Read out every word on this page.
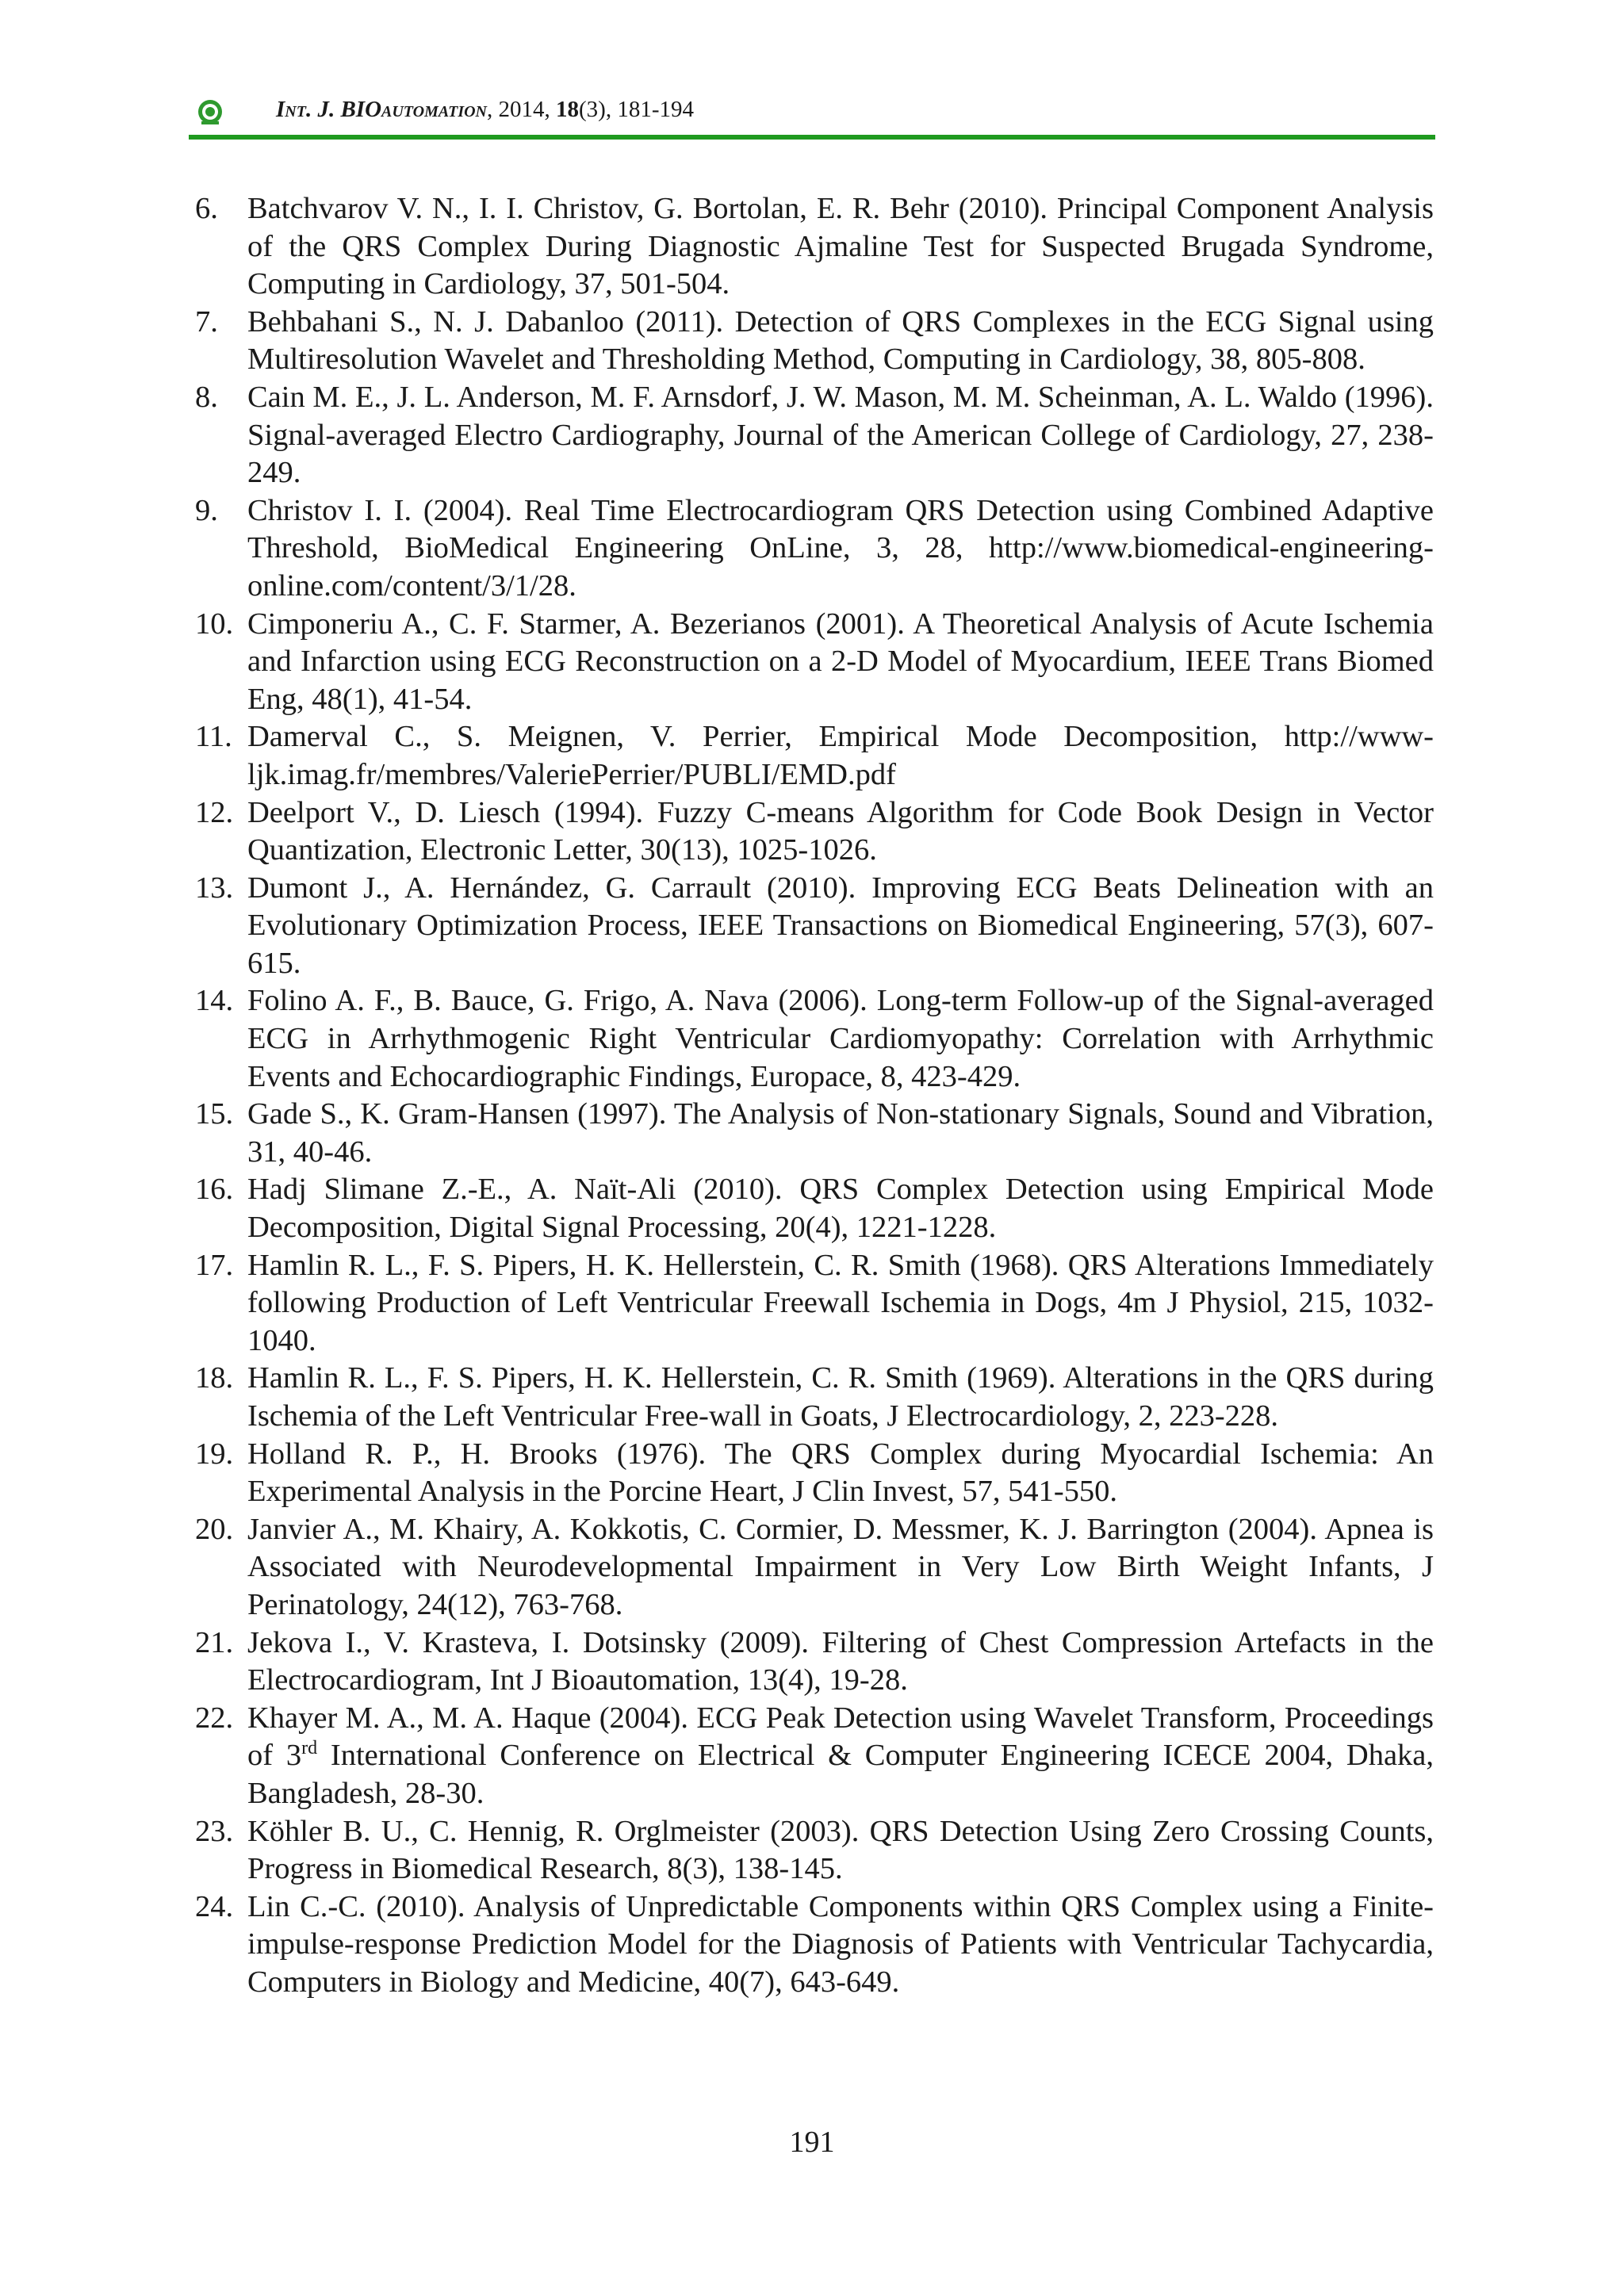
Int. J. BIOautomation, 2014, 18(3), 181-194
6. Batchvarov V. N., I. I. Christov, G. Bortolan, E. R. Behr (2010). Principal Component Analysis of the QRS Complex During Diagnostic Ajmaline Test for Suspected Brugada Syndrome, Computing in Cardiology, 37, 501-504.
7. Behbahani S., N. J. Dabanloo (2011). Detection of QRS Complexes in the ECG Signal using Multiresolution Wavelet and Thresholding Method, Computing in Cardiology, 38, 805-808.
8. Cain M. E., J. L. Anderson, M. F. Arnsdorf, J. W. Mason, M. M. Scheinman, A. L. Waldo (1996). Signal-averaged Electro Cardiography, Journal of the American College of Cardiology, 27, 238-249.
9. Christov I. I. (2004). Real Time Electrocardiogram QRS Detection using Combined Adaptive Threshold, BioMedical Engineering OnLine, 3, 28, http://www.biomedical-engineering-online.com/content/3/1/28.
10. Cimponeriu A., C. F. Starmer, A. Bezerianos (2001). A Theoretical Analysis of Acute Ischemia and Infarction using ECG Reconstruction on a 2-D Model of Myocardium, IEEE Trans Biomed Eng, 48(1), 41-54.
11. Damerval C., S. Meignen, V. Perrier, Empirical Mode Decomposition, http://www-ljk.imag.fr/membres/ValeriePerrier/PUBLI/EMD.pdf
12. Deelport V., D. Liesch (1994). Fuzzy C-means Algorithm for Code Book Design in Vector Quantization, Electronic Letter, 30(13), 1025-1026.
13. Dumont J., A. Hernández, G. Carrault (2010). Improving ECG Beats Delineation with an Evolutionary Optimization Process, IEEE Transactions on Biomedical Engineering, 57(3), 607-615.
14. Folino A. F., B. Bauce, G. Frigo, A. Nava (2006). Long-term Follow-up of the Signal-averaged ECG in Arrhythmogenic Right Ventricular Cardiomyopathy: Correlation with Arrhythmic Events and Echocardiographic Findings, Europace, 8, 423-429.
15. Gade S., K. Gram-Hansen (1997). The Analysis of Non-stationary Signals, Sound and Vibration, 31, 40-46.
16. Hadj Slimane Z.-E., A. Naït-Ali (2010). QRS Complex Detection using Empirical Mode Decomposition, Digital Signal Processing, 20(4), 1221-1228.
17. Hamlin R. L., F. S. Pipers, H. K. Hellerstein, C. R. Smith (1968). QRS Alterations Immediately following Production of Left Ventricular Freewall Ischemia in Dogs, 4m J Physiol, 215, 1032-1040.
18. Hamlin R. L., F. S. Pipers, H. K. Hellerstein, C. R. Smith (1969). Alterations in the QRS during Ischemia of the Left Ventricular Free-wall in Goats, J Electrocardiology, 2, 223-228.
19. Holland R. P., H. Brooks (1976). The QRS Complex during Myocardial Ischemia: An Experimental Analysis in the Porcine Heart, J Clin Invest, 57, 541-550.
20. Janvier A., M. Khairy, A. Kokkotis, C. Cormier, D. Messmer, K. J. Barrington (2004). Apnea is Associated with Neurodevelopmental Impairment in Very Low Birth Weight Infants, J Perinatology, 24(12), 763-768.
21. Jekova I., V. Krasteva, I. Dotsinsky (2009). Filtering of Chest Compression Artefacts in the Electrocardiogram, Int J Bioautomation, 13(4), 19-28.
22. Khayer M. A., M. A. Haque (2004). ECG Peak Detection using Wavelet Transform, Proceedings of 3rd International Conference on Electrical & Computer Engineering ICECE 2004, Dhaka, Bangladesh, 28-30.
23. Köhler B. U., C. Hennig, R. Orglmeister (2003). QRS Detection Using Zero Crossing Counts, Progress in Biomedical Research, 8(3), 138-145.
24. Lin C.-C. (2010). Analysis of Unpredictable Components within QRS Complex using a Finite-impulse-response Prediction Model for the Diagnosis of Patients with Ventricular Tachycardia, Computers in Biology and Medicine, 40(7), 643-649.
191
